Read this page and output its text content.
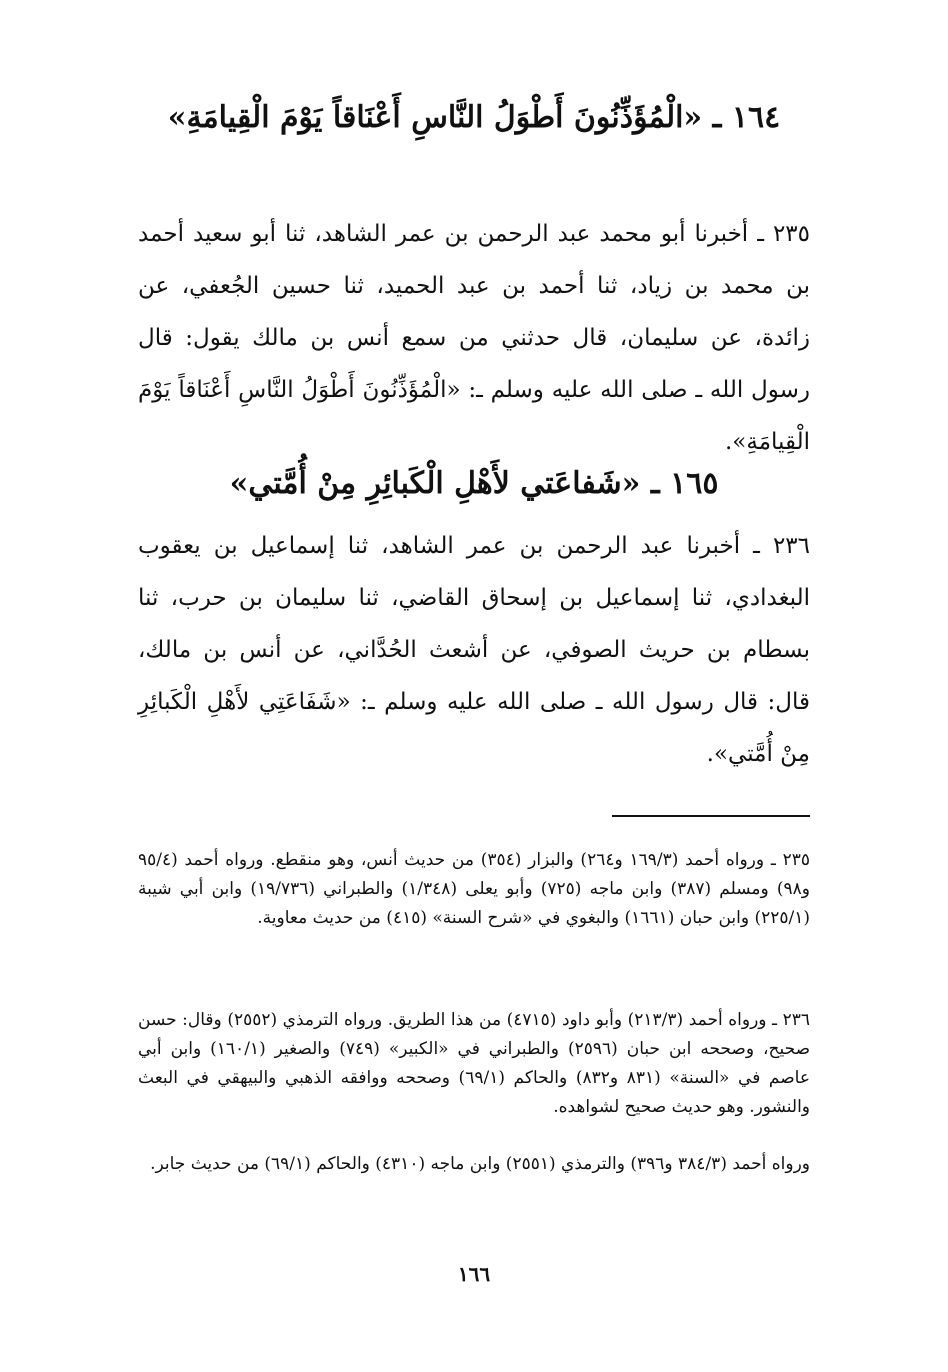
١٦٤ ـ «الْمُؤَذِّنُونَ أَطْوَلُ النَّاسِ أَعْنَاقاً يَوْمَ الْقِيامَةِ»
٢٣٥ ـ أخبرنا أبو محمد عبد الرحمن بن عمر الشاهد، ثنا أبو سعيد أحمد بن محمد بن زياد، ثنا أحمد بن عبد الحميد، ثنا حسين الجُعفي، عن زائدة، عن سليمان، قال حدثني من سمع أنس بن مالك يقول: قال رسول الله ـ صلى الله عليه وسلم ـ: «الْمُؤَذِّنُونَ أَطْوَلُ النَّاسِ أَعْنَاقاً يَوْمَ الْقِيامَةِ».
١٦٥ ـ «شَفاعَتي لأَهْلِ الْكَبائِرِ مِنْ أُمَّتي»
٢٣٦ ـ أخبرنا عبد الرحمن بن عمر الشاهد، ثنا إسماعيل بن يعقوب البغدادي، ثنا إسماعيل بن إسحاق القاضي، ثنا سليمان بن حرب، ثنا بسطام بن حريث الصوفي، عن أشعث الحُدَّاني، عن أنس بن مالك، قال: قال رسول الله ـ صلى الله عليه وسلم ـ: «شَفَاعَتِي لأَهْلِ الْكَبائِرِ مِنْ أُمَّتي».
٢٣٥ ـ ورواه أحمد (١٦٩/٣ و٢٦٤) والبزار (٣٥٤) من حديث أنس، وهو منقطع. ورواه أحمد (٩٥/٤ و٩٨) ومسلم (٣٨٧) وابن ماجه (٧٢٥) وأبو يعلى (١/٣٤٨) والطبراني (١٩/٧٣٦) وابن أبي شيبة (٢٢٥/١) وابن حبان (١٦٦١) والبغوي في «شرح السنة» (٤١٥) من حديث معاوية.
٢٣٦ ـ ورواه أحمد (٢١٣/٣) وأبو داود (٤٧١٥) من هذا الطريق. ورواه الترمذي (٢٥٥٢) وقال: حسن صحيح، وصححه ابن حبان (٢٥٩٦) والطبراني في «الكبير» (٧٤٩) والصغير (١٦٠/١) وابن أبي عاصم في «السنة» (٨٣١ و٨٣٢) والحاكم (٦٩/١) وصححه ووافقه الذهبي والبيهقي في البعث والنشور. وهو حديث صحيح لشواهده.
ورواه أحمد (٣٨٤/٣ و٣٩٦) والترمذي (٢٥٥١) وابن ماجه (٤٣١٠) والحاكم (٦٩/١) من حديث جابر.
١٦٦
